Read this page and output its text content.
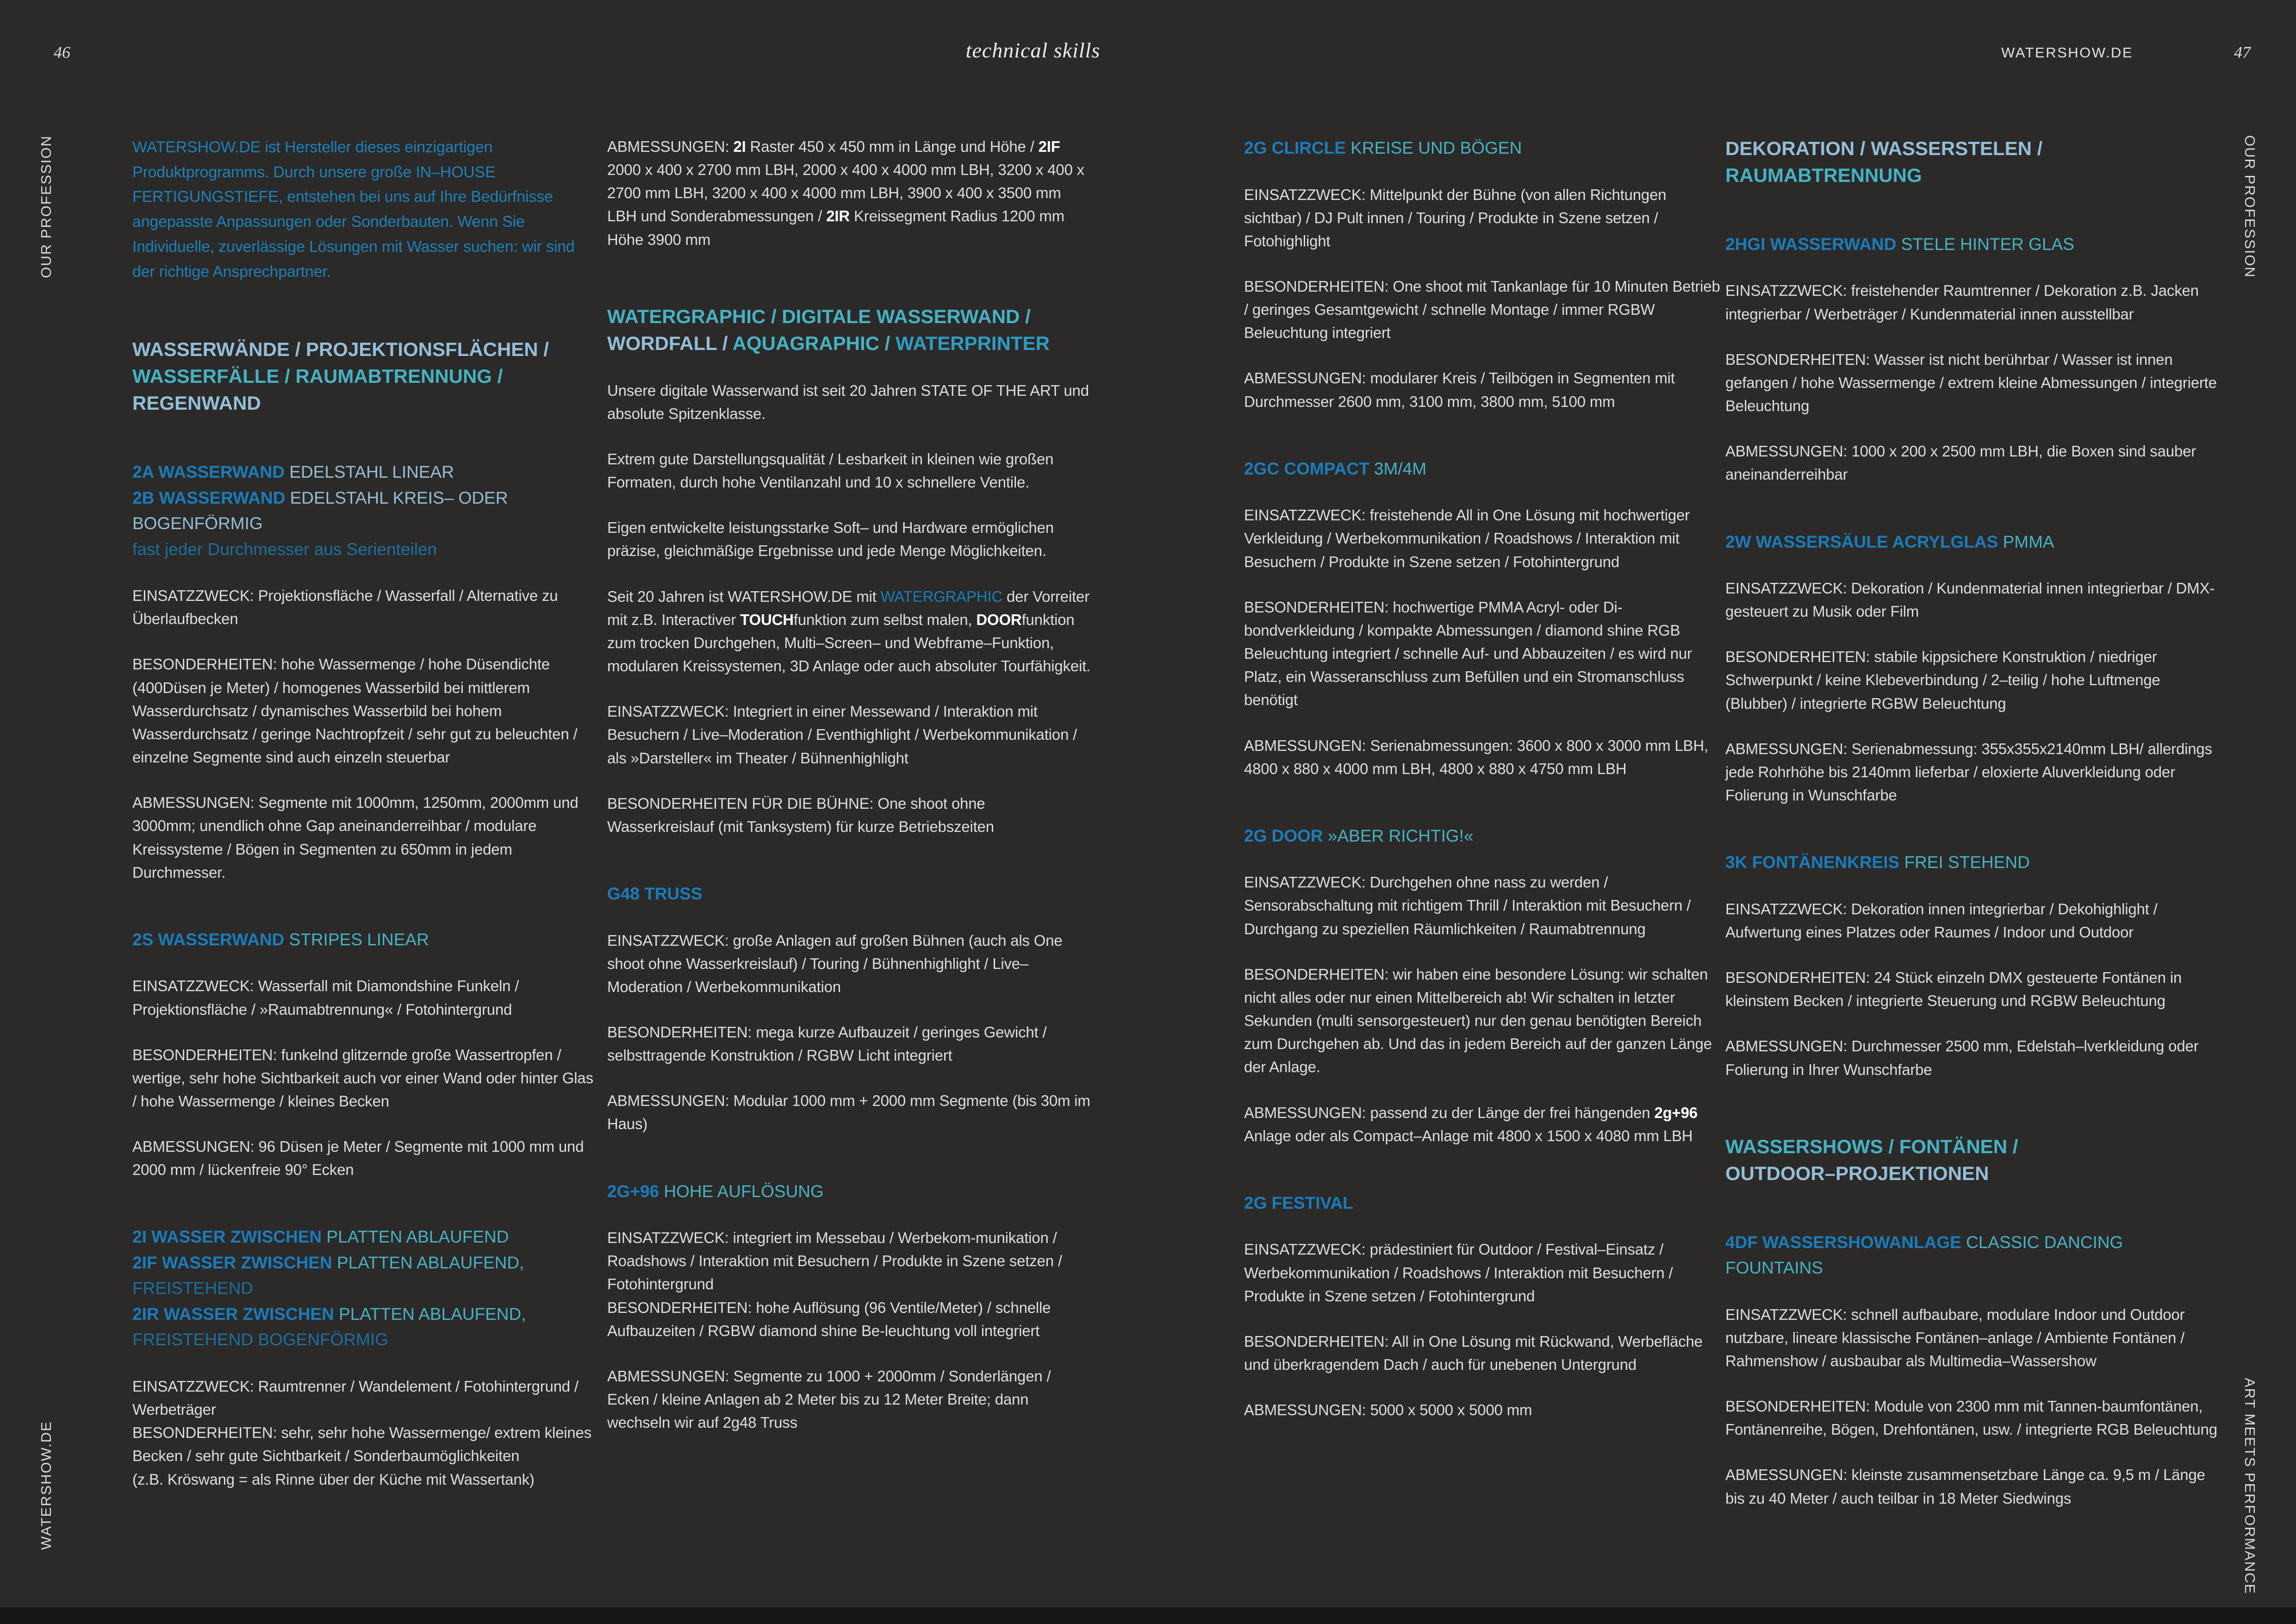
46	technical skills	WATERSHOW.DE	47
OUR PROFESSION
WATERSHOW.DE
OUR PROFESSION
ART MEETS PERFORMANCE

WATERSHOW.DE ist Hersteller dieses einzigartigen Produktprogramms. Durch unsere große IN–HOUSE FERTIGUNGSTIEFE, entstehen bei uns auf Ihre Bedürfnisse angepasste Anpassungen oder Sonderbauten. Wenn Sie Individuelle, zuverlässige Lösungen mit Wasser suchen: wir sind der richtige Ansprechpartner.

WASSERWÄNDE / PROJEKTIONSFLÄCHEN /
WASSERFÄLLE / RAUMABTRENNUNG /
REGENWAND
2A WASSERWAND EDELSTAHL LINEAR
2B WASSERWAND EDELSTAHL KREIS– ODER
BOGENFÖRMIG
fast jeder Durchmesser aus Serienteilen

EINSATZZWECK: Projektionsfläche / Wasserfall / Alternative zu Überlaufbecken

BESONDERHEITEN: hohe Wassermenge / hohe Düsendichte (400Düsen je Meter) / homogenes Wasserbild bei mittlerem Wasserdurchsatz / dynamisches Wasserbild bei hohem Wasserdurchsatz / geringe Nachtropfzeit / sehr gut zu beleuchten / einzelne Segmente sind auch einzeln steuerbar

ABMESSUNGEN: Segmente mit 1000mm, 1250mm, 2000mm und 3000mm; unendlich ohne Gap aneinanderreihbar / modulare Kreissysteme / Bögen in Segmenten zu 650mm in jedem Durchmesser.

2S WASSERWAND STRIPES LINEAR

EINSATZZWECK: Wasserfall mit Diamondshine Funkeln / Projektionsfläche / »Raumabtrennung« / Fotohintergrund

BESONDERHEITEN: funkelnd glitzernde große Wassertropfen / wertige, sehr hohe Sichtbarkeit auch vor einer Wand oder hinter Glas / hohe Wassermenge / kleines Becken

ABMESSUNGEN: 96 Düsen je Meter / Segmente mit 1000 mm und 2000 mm / lückenfreie 90° Ecken

2I WASSER ZWISCHEN PLATTEN ABLAUFEND
2IF WASSER ZWISCHEN PLATTEN ABLAUFEND,
FREISTEHEND
2IR WASSER ZWISCHEN PLATTEN ABLAUFEND,
FREISTEHEND BOGENFÖRMIG

EINSATZZWECK: Raumtrenner / Wandelement / Fotohintergrund / Werbeträger

BESONDERHEITEN: sehr, sehr hohe Wassermenge/ extrem kleines Becken / sehr gute Sichtbarkeit / Sonderbaumöglichkeiten

(z.B. Kröswang = als Rinne über der Küche mit Wassertank)

ABMESSUNGEN: 2I Raster 450 x 450 mm in Länge und Höhe / 2IF 2000 x 400 x 2700 mm LBH, 2000 x 400 x 4000 mm LBH, 3200 x 400 x 2700 mm LBH, 3200 x 400 x 4000 mm LBH, 3900 x 400 x 3500 mm LBH und Sonderabmessungen / 2IR Kreissegment Radius 1200 mm Höhe 3900 mm

WATERGRAPHIC / DIGITALE WASSERWAND /
WORDFALL / AQUAGRAPHIC / WATERPRINTER

Unsere digitale Wasserwand ist seit 20 Jahren STATE OF THE ART und absolute Spitzenklasse.

Extrem gute Darstellungsqualität / Lesbarkeit in kleinen wie großen Formaten, durch hohe Ventilanzahl und 10 x schnellere Ventile.

Eigen entwickelte leistungsstarke Soft– und Hardware ermöglichen präzise, gleichmäßige Ergebnisse und jede Menge Möglichkeiten.

Seit 20 Jahren ist WATERSHOW.DE mit WATERGRAPHIC der Vorreiter mit z.B. Interactiver TOUCHfunktion zum selbst malen, DOORfunktion zum trocken Durchgehen, Multi–Screen– und Webframe–Funktion, modularen Kreissystemen, 3D Anlage oder auch absoluter Tourfähigkeit.

EINSATZZWECK: Integriert in einer Messewand / Interaktion mit Besuchern / Live–Moderation / Eventhighlight / Werbekommunikation / als »Darsteller« im Theater / Bühnenhighlight

BESONDERHEITEN FÜR DIE BÜHNE: One shoot ohne Wasserkreislauf (mit Tanksystem) für kurze Betriebszeiten

G48 TRUSS

EINSATZZWECK: große Anlagen auf großen Bühnen (auch als One shoot ohne Wasserkreislauf) / Touring / Bühnenhighlight / Live–Moderation / Werbekommunikation

BESONDERHEITEN: mega kurze Aufbauzeit / geringes Gewicht / selbsttragende Konstruktion / RGBW Licht integriert

ABMESSUNGEN: Modular 1000 mm + 2000 mm Segmente (bis 30m im Haus)

2G+96 HOHE AUFLÖSUNG

EINSATZZWECK: integriert im Messebau / Werbekom-munikation / Roadshows / Interaktion mit Besuchern / Produkte in Szene setzen / Fotohintergrund

BESONDERHEITEN: hohe Auflösung (96 Ventile/Meter) / schnelle Aufbauzeiten / RGBW diamond shine Be-leuchtung voll integriert

ABMESSUNGEN: Segmente zu 1000 + 2000mm / Sonderlängen / Ecken / kleine Anlagen ab 2 Meter bis zu 12 Meter Breite; dann wechseln wir auf 2g48 Truss

2G CLIRCLE KREISE UND BÖGEN

EINSATZZWECK: Mittelpunkt der Bühne (von allen Richtungen sichtbar) / DJ Pult innen / Touring / Produkte in Szene setzen / Fotohighlight

BESONDERHEITEN: One shoot mit Tankanlage für 10 Minuten Betrieb / geringes Gesamtgewicht / schnelle Montage / immer RGBW Beleuchtung integriert

ABMESSUNGEN: modularer Kreis / Teilbögen in Segmenten mit Durchmesser 2600 mm, 3100 mm, 3800 mm, 5100 mm

2GC COMPACT 3M/4M

EINSATZZWECK: freistehende All in One Lösung mit hochwertiger Verkleidung / Werbekommunikation / Roadshows / Interaktion mit Besuchern / Produkte in Szene setzen / Fotohintergrund

BESONDERHEITEN: hochwertige PMMA Acryl- oder Di-bondverkleidung / kompakte Abmessungen / diamond shine RGB Beleuchtung integriert / schnelle Auf- und Abbauzeiten / es wird nur Platz, ein Wasseranschluss zum Befüllen und ein Stromanschluss benötigt

ABMESSUNGEN: Serienabmessungen: 3600 x 800 x 3000 mm LBH, 4800 x 880 x 4000 mm LBH, 4800 x 880 x 4750 mm LBH

2G DOOR »ABER RICHTIG!«

EINSATZZWECK: Durchgehen ohne nass zu werden / Sensorabschaltung mit richtigem Thrill / Interaktion mit Besuchern / Durchgang zu speziellen Räumlichkeiten / Raumabtrennung

BESONDERHEITEN: wir haben eine besondere Lösung: wir schalten nicht alles oder nur einen Mittelbereich ab! Wir schalten in letzter Sekunden (multi sensorgesteuert) nur den genau benötigten Bereich zum Durchgehen ab. Und das in jedem Bereich auf der ganzen Länge der Anlage.

ABMESSUNGEN: passend zu der Länge der frei hängenden 2g+96 Anlage oder als Compact–Anlage mit 4800 x 1500 x 4080 mm LBH

2G FESTIVAL

EINSATZZWECK: prädestiniert für Outdoor / Festival–Einsatz / Werbekommunikation / Roadshows / Interaktion mit Besuchern / Produkte in Szene setzen / Fotohintergrund

BESONDERHEITEN: All in One Lösung mit Rückwand, Werbefläche und überkragendem Dach / auch für unebenen Untergrund

ABMESSUNGEN: 5000 x 5000 x 5000 mm

DEKORATION / WASSERSTELEN /
RAUMABTRENNUNG
2HGI WASSERWAND STELE HINTER GLAS

EINSATZZWECK: freistehender Raumtrenner / Dekoration z.B. Jacken integrierbar / Werbeträger / Kundenmaterial innen ausstellbar

BESONDERHEITEN: Wasser ist nicht berührbar / Wasser ist innen gefangen / hohe Wassermenge / extrem kleine Abmessungen / integrierte Beleuchtung

ABMESSUNGEN: 1000 x 200 x 2500 mm LBH, die Boxen sind sauber aneinanderreihbar

2W WASSERSÄULE ACRYLGLAS PMMA

EINSATZZWECK: Dekoration / Kundenmaterial innen integrierbar / DMX-gesteuert zu Musik oder Film

BESONDERHEITEN: stabile kippsichere Konstruktion / niedriger Schwerpunkt / keine Klebeverbindung / 2–teilig / hohe Luftmenge (Blubber) / integrierte RGBW Beleuchtung

ABMESSUNGEN: Serienabmessung: 355x355x2140mm LBH/ allerdings jede Rohrhöhe bis 2140mm lieferbar / eloxierte Aluverkleidung oder Folierung in Wunschfarbe

3K FONTÄNENKREIS FREI STEHEND

EINSATZZWECK: Dekoration innen integrierbar / Dekohighlight / Aufwertung eines Platzes oder Raumes / Indoor und Outdoor

BESONDERHEITEN: 24 Stück einzeln DMX gesteuerte Fontänen in kleinstem Becken / integrierte Steuerung und RGBW Beleuchtung

ABMESSUNGEN: Durchmesser 2500 mm, Edelstah–lverkleidung oder Folierung in Ihrer Wunschfarbe

WASSERSHOWS / FONTÄNEN /
OUTDOOR–PROJEKTIONEN
4DF WASSERSHOWANLAGE CLASSIC DANCING FOUNTAINS

EINSATZZWECK: schnell aufbaubare, modulare Indoor und Outdoor nutzbare, lineare klassische Fontänen–anlage / Ambiente Fontänen / Rahmenshow / ausbaubar als Multimedia–Wassershow

BESONDERHEITEN: Module von 2300 mm mit Tannen-baumfontänen, Fontänenreihe, Bögen, Drehfontänen, usw. / integrierte RGB Beleuchtung

ABMESSUNGEN: kleinste zusammensetzbare Länge ca. 9,5 m / Länge bis zu 40 Meter / auch teilbar in 18 Meter Siedwings
